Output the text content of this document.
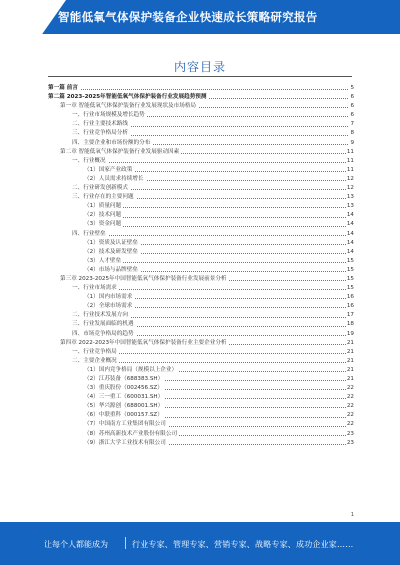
智能低氧气体保护装备企业快速成长策略研究报告
内容目录
第一篇 前言	5
第二篇 2023-2025年智能低氧气体保护装备行业发展趋势预测	6
第一章 智能低氧气体保护装备行业发展现状及市场格局	6
一、行业市场规模及增长趋势	6
二、行业主要技术路线	7
三、行业竞争格局分析	8
四、主要企业和市场份额的分布	9
第二章 智能低氧气体保护装备行业发展驱动因素	11
一、行业概况	11
（1）国家产业政策	11
（2）人员需求持续增长	12
二、行业研发创新模式	12
三、行业存在的主要问题	13
（1）质量问题	13
（2）技术问题	14
（3）资金问题	14
四、行业壁垒	14
（1）资质及认证壁垒	14
（2）技术及研发壁垒	14
（3）人才壁垒	15
（4）市场与品牌壁垒	15
第三章 2023-2025年中国智能低氧气体保护装备行业发展前景分析	15
一、行业市场需求	15
（1）国内市场需求	16
（2）全球市场需求	16
二、行业技术发展方向	17
三、行业发展面临的机遇	18
四、市场竞争格局的趋势	19
第四章 2022-2023年中国智能低氧气体保护装备行业主要企业分析	21
一、行业竞争格局	21
二、主要企业概况	21
（1）国内竞争格局（规模以上企业）	21
（2）江苏装备（688383.SH）	21
（3）重庆股份（002456.SZ）	22
（4）三一重工（600031.SH）	22
（5）华兴源创（688001.SH）	22
（6）中联重科（000157.SZ）	22
（7）中国南方工业集团有限公司	22
（8）苏州高新技术产业股份有限公司	23
（9）浙江大学工业技术有限公司	23
1
让每个人都能成为	行业专家、管理专家、营销专家、战略专家、成功企业家……
